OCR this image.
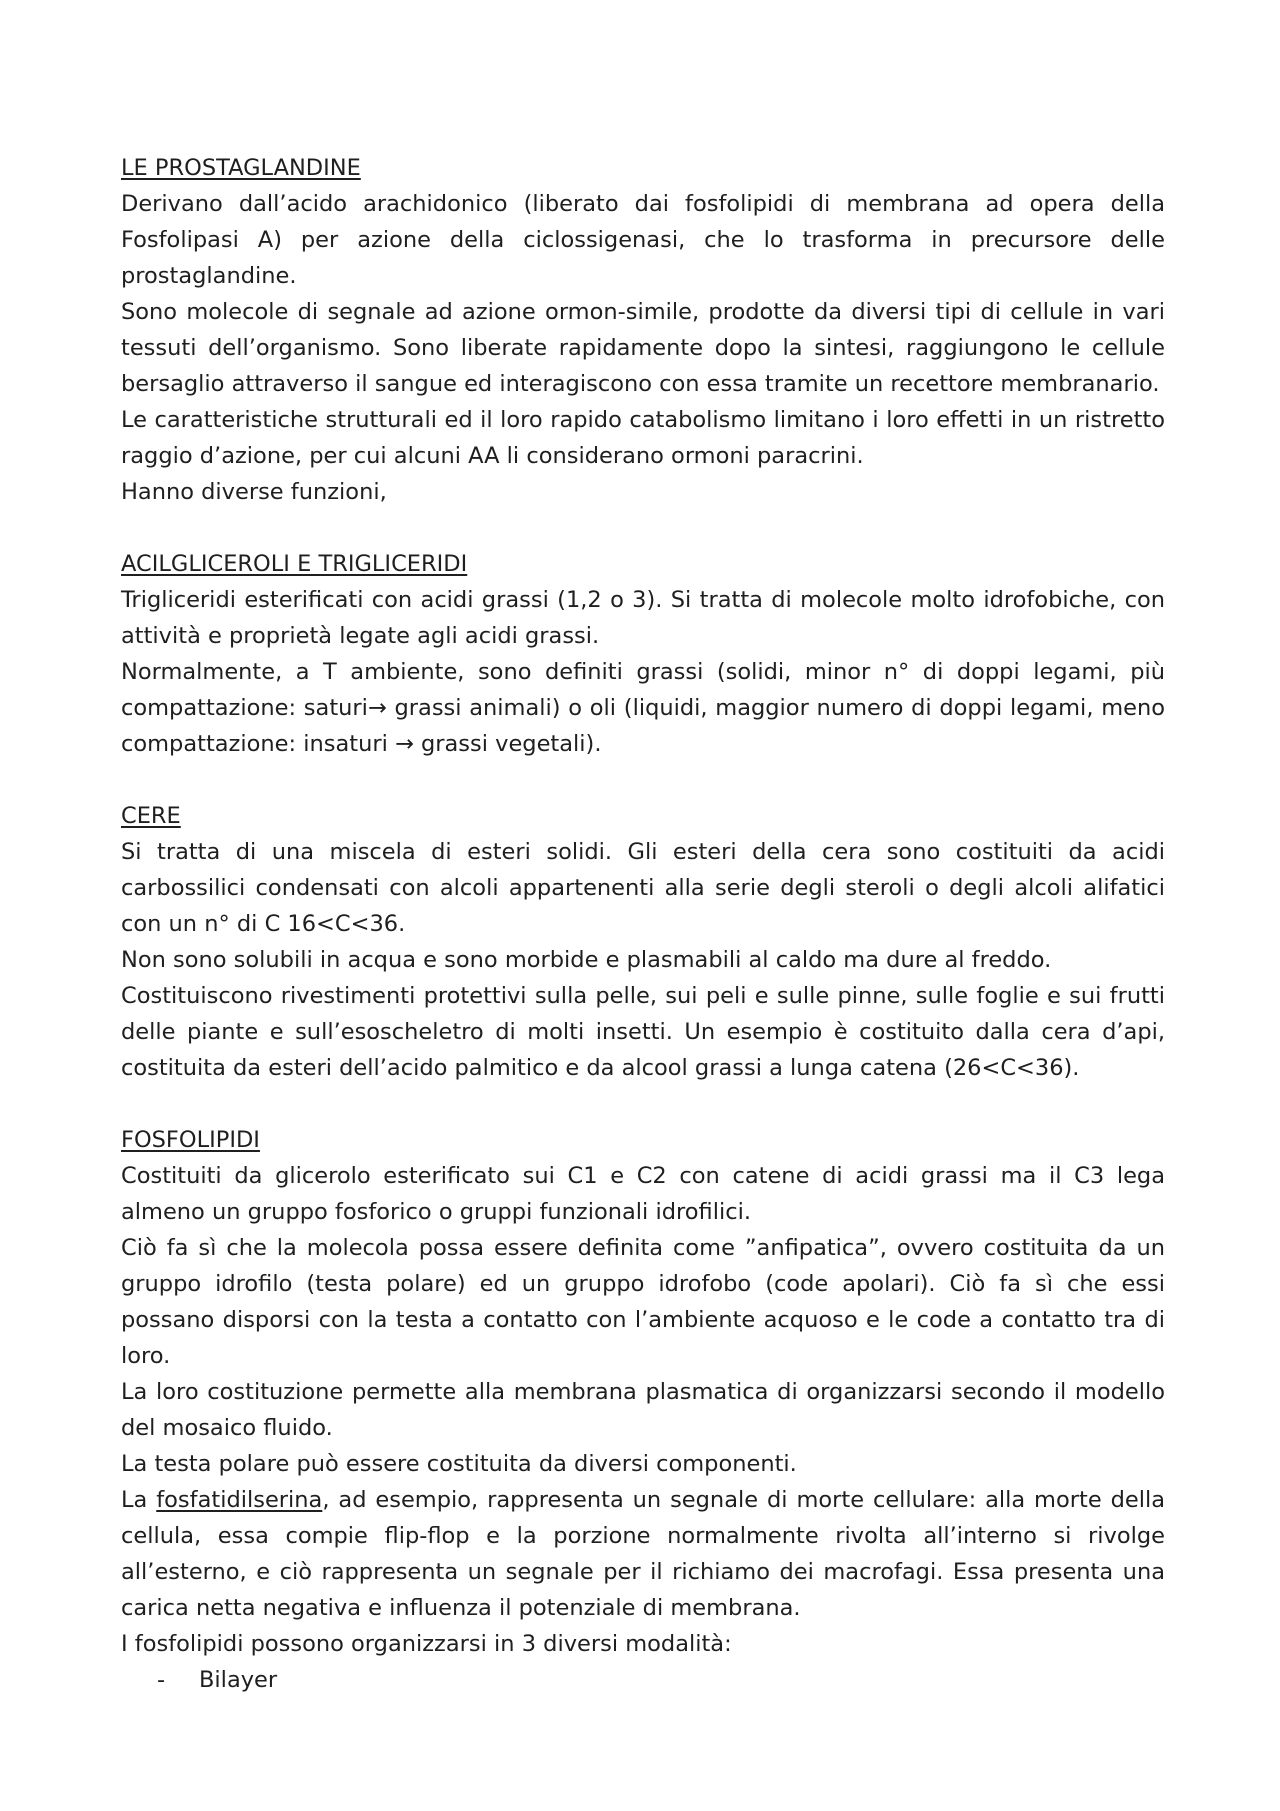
LE PROSTAGLANDINE

Derivano dall’acido arachidonico (liberato dai fosfolipidi di membrana ad opera della Fosfolipasi A) per azione della ciclossigenasi, che lo trasforma in precursore delle prostaglandine.

Sono molecole di segnale ad azione ormon-simile, prodotte da diversi tipi di cellule in vari tessuti dell’organismo. Sono liberate rapidamente dopo la sintesi, raggiungono le cellule bersaglio attraverso il sangue ed interagiscono con essa tramite un recettore membranario.

Le caratteristiche strutturali ed il loro rapido catabolismo limitano i loro effetti in un ristretto raggio d’azione, per cui alcuni AA li considerano ormoni paracrini.

Hanno diverse funzioni,

ACILGLICEROLI E TRIGLICERIDI

Trigliceridi esterificati con acidi grassi (1,2 o 3). Si tratta di molecole molto idrofobiche, con attività e proprietà legate agli acidi grassi.

Normalmente, a T ambiente, sono definiti grassi (solidi, minor n° di doppi legami, più compattazione: saturi→ grassi animali) o oli (liquidi, maggior numero di doppi legami, meno compattazione: insaturi → grassi vegetali).

CERE

Si tratta di una miscela di esteri solidi. Gli esteri della cera sono costituiti da acidi carbossilici condensati con alcoli appartenenti alla serie degli steroli o degli alcoli alifatici con un n° di C 16<C<36.

Non sono solubili in acqua e sono morbide e plasmabili al caldo ma dure al freddo.

Costituiscono rivestimenti protettivi sulla pelle, sui peli e sulle pinne, sulle foglie e sui frutti delle piante e sull’esoscheletro di molti insetti. Un esempio è costituito dalla cera d’api, costituita da esteri dell’acido palmitico e da alcool grassi a lunga catena (26<C<36).

FOSFOLIPIDI

Costituiti da glicerolo esterificato sui C1 e C2 con catene di acidi grassi ma il C3 lega almeno un gruppo fosforico o gruppi funzionali idrofilici.

Ciò fa sì che la molecola possa essere definita come ”anfipatica”, ovvero costituita da un gruppo idrofilo (testa polare) ed un gruppo idrofobo (code apolari). Ciò fa sì che essi possano disporsi con la testa a contatto con l’ambiente acquoso e le code a contatto tra di loro.

La loro costituzione permette alla membrana plasmatica di organizzarsi secondo il modello del mosaico fluido.

La testa polare può essere costituita da diversi componenti.

La fosfatidilserina, ad esempio, rappresenta un segnale di morte cellulare: alla morte della cellula, essa compie flip-flop e la porzione normalmente rivolta all’interno si rivolge all’esterno, e ciò rappresenta un segnale per il richiamo dei macrofagi. Essa presenta una carica netta negativa e influenza il potenziale di membrana.

I fosfolipidi possono organizzarsi in 3 diversi modalità:

- Bilayer
